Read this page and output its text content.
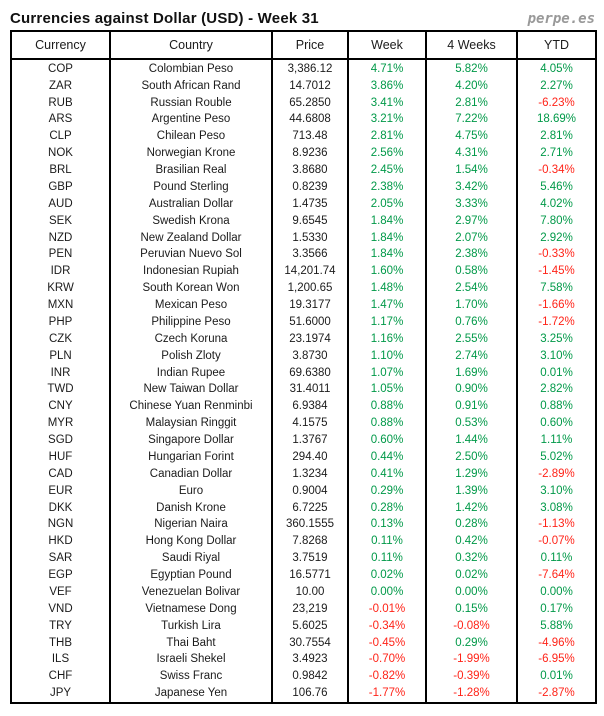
Currencies against Dollar (USD) - Week 31	perpe.es
Currency	Country	Price	Week	4 Weeks	YTD
COP	Colombian Peso	3,386.12	4.71%	5.82%	4.05%
ZAR	South African Rand	14.7012	3.86%	4.20%	2.27%
RUB	Russian Rouble	65.2850	3.41%	2.81%	-6.23%
ARS	Argentine Peso	44.6808	3.21%	7.22%	18.69%
CLP	Chilean Peso	713.48	2.81%	4.75%	2.81%
NOK	Norwegian Krone	8.9236	2.56%	4.31%	2.71%
BRL	Brasilian Real	3.8680	2.45%	1.54%	-0.34%
GBP	Pound Sterling	0.8239	2.38%	3.42%	5.46%
AUD	Australian Dollar	1.4735	2.05%	3.33%	4.02%
SEK	Swedish Krona	9.6545	1.84%	2.97%	7.80%
NZD	New Zealand Dollar	1.5330	1.84%	2.07%	2.92%
PEN	Peruvian Nuevo Sol	3.3566	1.84%	2.38%	-0.33%
IDR	Indonesian Rupiah	14,201.74	1.60%	0.58%	-1.45%
KRW	South Korean Won	1,200.65	1.48%	2.54%	7.58%
MXN	Mexican Peso	19.3177	1.47%	1.70%	-1.66%
PHP	Philippine Peso	51.6000	1.17%	0.76%	-1.72%
CZK	Czech Koruna	23.1974	1.16%	2.55%	3.25%
PLN	Polish Zloty	3.8730	1.10%	2.74%	3.10%
INR	Indian Rupee	69.6380	1.07%	1.69%	0.01%
TWD	New Taiwan Dollar	31.4011	1.05%	0.90%	2.82%
CNY	Chinese Yuan Renminbi	6.9384	0.88%	0.91%	0.88%
MYR	Malaysian Ringgit	4.1575	0.88%	0.53%	0.60%
SGD	Singapore Dollar	1.3767	0.60%	1.44%	1.11%
HUF	Hungarian Forint	294.40	0.44%	2.50%	5.02%
CAD	Canadian Dollar	1.3234	0.41%	1.29%	-2.89%
EUR	Euro	0.9004	0.29%	1.39%	3.10%
DKK	Danish Krone	6.7225	0.28%	1.42%	3.08%
NGN	Nigerian Naira	360.1555	0.13%	0.28%	-1.13%
HKD	Hong Kong Dollar	7.8268	0.11%	0.42%	-0.07%
SAR	Saudi Riyal	3.7519	0.11%	0.32%	0.11%
EGP	Egyptian Pound	16.5771	0.02%	0.02%	-7.64%
VEF	Venezuelan Bolivar	10.00	0.00%	0.00%	0.00%
VND	Vietnamese Dong	23,219	-0.01%	0.15%	0.17%
TRY	Turkish Lira	5.6025	-0.34%	-0.08%	5.88%
THB	Thai Baht	30.7554	-0.45%	0.29%	-4.96%
ILS	Israeli Shekel	3.4923	-0.70%	-1.99%	-6.95%
CHF	Swiss Franc	0.9842	-0.82%	-0.39%	0.01%
JPY	Japanese Yen	106.76	-1.77%	-1.28%	-2.87%
